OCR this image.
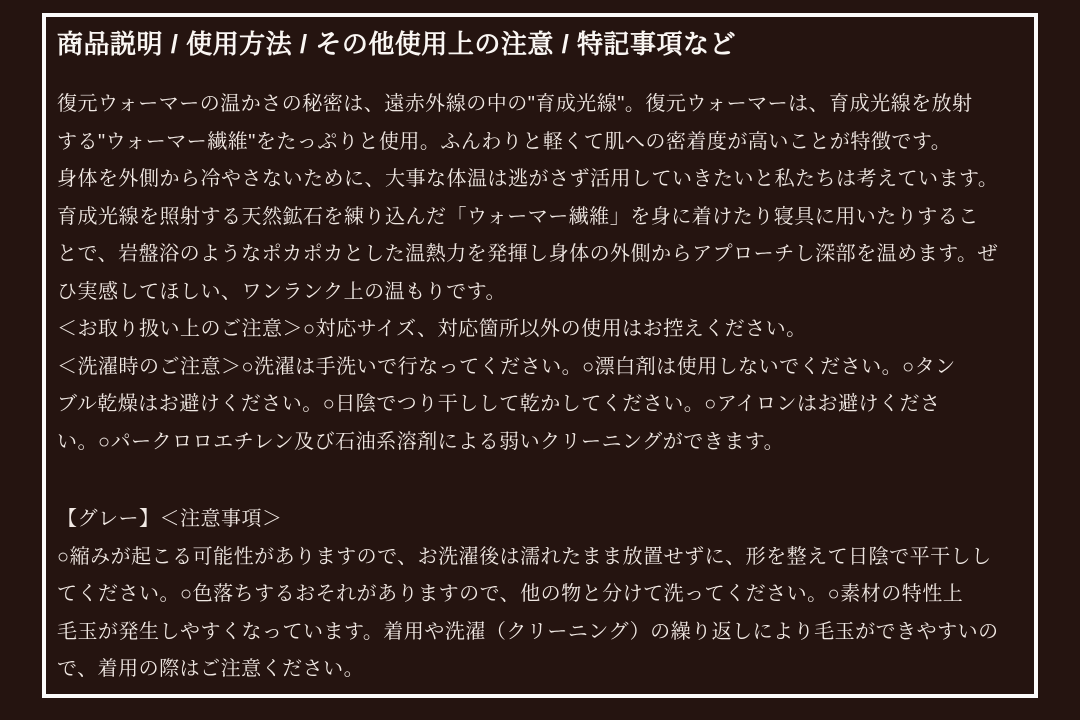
商品説明 / 使用方法 / その他使用上の注意 / 特記事項など
復元ウォーマーの温かさの秘密は、遠赤外線の中の"育成光線"。復元ウォーマーは、育成光線を放射
する"ウォーマー繊維"をたっぷりと使用。ふんわりと軽くて肌への密着度が高いことが特徴です。
身体を外側から冷やさないために、大事な体温は逃がさず活用していきたいと私たちは考えています。
育成光線を照射する天然鉱石を練り込んだ「ウォーマー繊維」を身に着けたり寝具に用いたりするこ
とで、岩盤浴のようなポカポカとした温熱力を発揮し身体の外側からアプローチし深部を温めます。ぜ
ひ実感してほしい、ワンランク上の温もりです。
＜お取り扱い上のご注意＞○対応サイズ、対応箇所以外の使用はお控えください。
＜洗濯時のご注意＞○洗濯は手洗いで行なってください。○漂白剤は使用しないでください。○タン
ブル乾燥はお避けください。○日陰でつり干しして乾かしてください。○アイロンはお避けくださ
い。○パークロロエチレン及び石油系溶剤による弱いクリーニングができます。
【グレー】＜注意事項＞
○縮みが起こる可能性がありますので、お洗濯後は濡れたまま放置せずに、形を整えて日陰で平干しし
てください。○色落ちするおそれがありますので、他の物と分けて洗ってください。○素材の特性上
毛玉が発生しやすくなっています。着用や洗濯（クリーニング）の繰り返しにより毛玉ができやすいの
で、着用の際はご注意ください。
